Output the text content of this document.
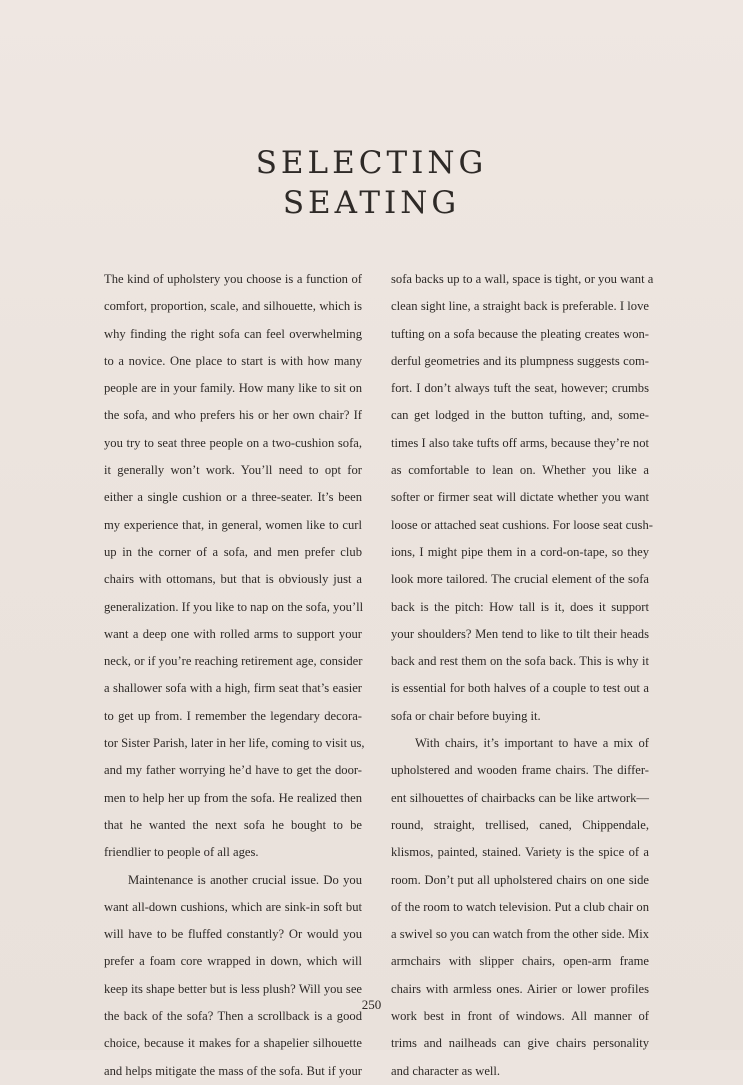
SELECTING
SEATING
The kind of upholstery you choose is a function of
comfort, proportion, scale, and silhouette, which is
why finding the right sofa can feel overwhelming
to a novice. One place to start is with how many
people are in your family. How many like to sit on
the sofa, and who prefers his or her own chair? If
you try to seat three people on a two-cushion sofa,
it generally won’t work. You’ll need to opt for
either a single cushion or a three-seater. It’s been
my experience that, in general, women like to curl
up in the corner of a sofa, and men prefer club
chairs with ottomans, but that is obviously just a
generalization. If you like to nap on the sofa, you’ll
want a deep one with rolled arms to support your
neck, or if you’re reaching retirement age, consider
a shallower sofa with a high, firm seat that’s easier
to get up from. I remember the legendary decora-
tor Sister Parish, later in her life, coming to visit us,
and my father worrying he’d have to get the door-
men to help her up from the sofa. He realized then
that he wanted the next sofa he bought to be
friendlier to people of all ages.
Maintenance is another crucial issue. Do you
want all-down cushions, which are sink-in soft but
will have to be fluffed constantly? Or would you
prefer a foam core wrapped in down, which will
keep its shape better but is less plush? Will you see
the back of the sofa? Then a scrollback is a good
choice, because it makes for a shapelier silhouette
and helps mitigate the mass of the sofa. But if your
sofa backs up to a wall, space is tight, or you want a
clean sight line, a straight back is preferable. I love
tufting on a sofa because the pleating creates won-
derful geometries and its plumpness suggests com-
fort. I don’t always tuft the seat, however; crumbs
can get lodged in the button tufting, and, some-
times I also take tufts off arms, because they’re not
as comfortable to lean on. Whether you like a
softer or firmer seat will dictate whether you want
loose or attached seat cushions. For loose seat cush-
ions, I might pipe them in a cord-on-tape, so they
look more tailored. The crucial element of the sofa
back is the pitch: How tall is it, does it support
your shoulders? Men tend to like to tilt their heads
back and rest them on the sofa back. This is why it
is essential for both halves of a couple to test out a
sofa or chair before buying it.
With chairs, it’s important to have a mix of
upholstered and wooden frame chairs. The differ-
ent silhouettes of chairbacks can be like artwork—
round, straight, trellised, caned, Chippendale,
klismos, painted, stained. Variety is the spice of a
room. Don’t put all upholstered chairs on one side
of the room to watch television. Put a club chair on
a swivel so you can watch from the other side. Mix
armchairs with slipper chairs, open-arm frame
chairs with armless ones. Airier or lower profiles
work best in front of windows. All manner of
trims and nailheads can give chairs personality
and character as well.
250
